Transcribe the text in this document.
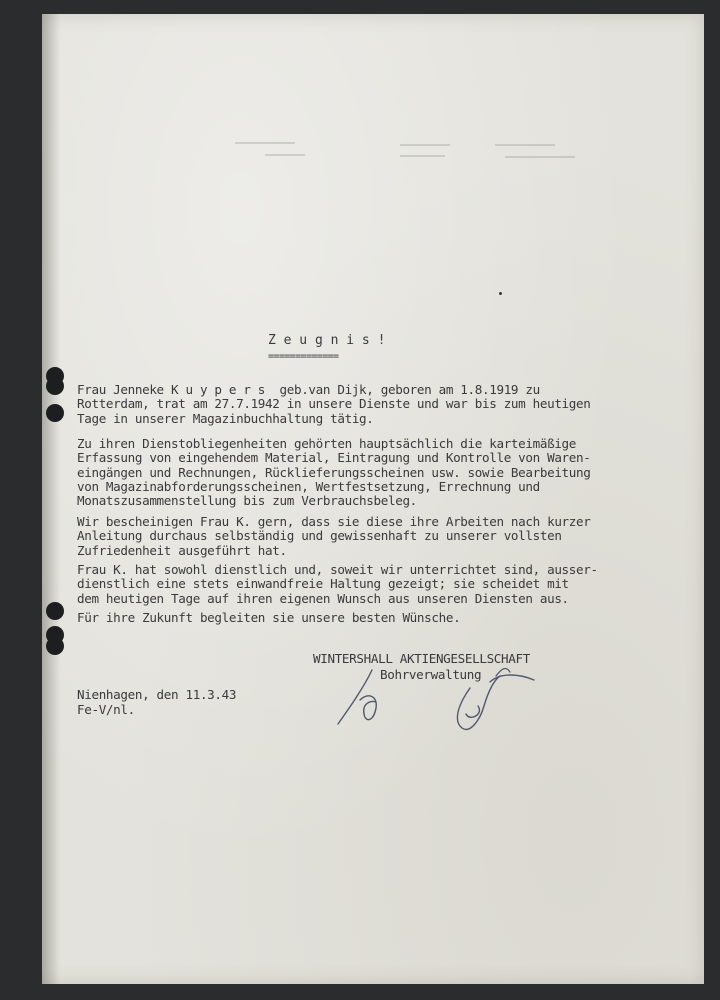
Z e u g n i s !
=============
Frau Jenneke K u y p e r s  geb.van Dijk, geboren am 1.8.1919 zu
Rotterdam, trat am 27.7.1942 in unsere Dienste und war bis zum heutigen
Tage in unserer Magazinbuchhaltung tätig.
Zu ihren Dienstobliegenheiten gehörten hauptsächlich die karteimäßige
Erfassung von eingehendem Material, Eintragung und Kontrolle von Waren-
eingängen und Rechnungen, Rücklieferungsscheinen usw. sowie Bearbeitung
von Magazinabforderungsscheinen, Wertfestsetzung, Errechnung und
Monatszusammenstellung bis zum Verbrauchsbeleg.
Wir bescheinigen Frau K. gern, dass sie diese ihre Arbeiten nach kurzer
Anleitung durchaus selbständig und gewissenhaft zu unserer vollsten
Zufriedenheit ausgeführt hat.
Frau K. hat sowohl dienstlich und, soweit wir unterrichtet sind, ausser-
dienstlich eine stets einwandfreie Haltung gezeigt; sie scheidet mit
dem heutigen Tage auf ihren eigenen Wunsch aus unseren Diensten aus.
Für ihre Zukunft begleiten sie unsere besten Wünsche.
WINTERSHALL AKTIENGESELLSCHAFT
Bohrverwaltung
Nienhagen, den 11.3.43
Fe-V/nl.
